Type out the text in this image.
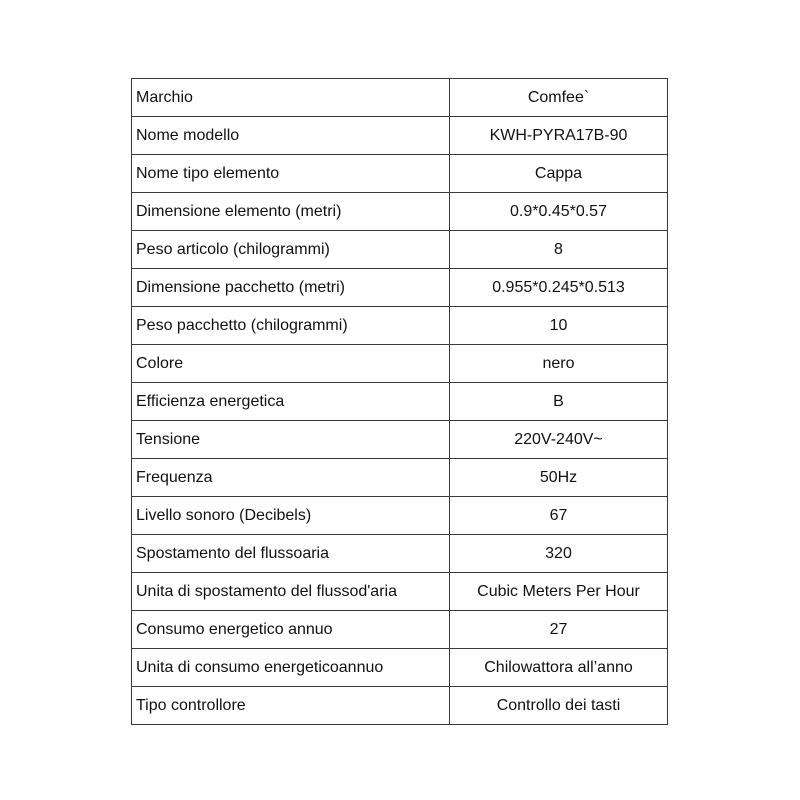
Marchio	Comfee`
Nome modello	KWH-PYRA17B-90
Nome tipo elemento	Cappa
Dimensione elemento (metri)	0.9*0.45*0.57
Peso articolo (chilogrammi)	8
Dimensione pacchetto (metri)	0.955*0.245*0.513
Peso pacchetto (chilogrammi)	10
Colore	nero
Efficienza energetica	B
Tensione	220V-240V~
Frequenza	50Hz
Livello sonoro (Decibels)	67
Spostamento del flussoaria	320
Unita di spostamento del flussod'aria	Cubic Meters Per Hour
Consumo energetico annuo	27
Unita di consumo energeticoannuo	Chilowattora all’anno
Tipo controllore	Controllo dei tasti
